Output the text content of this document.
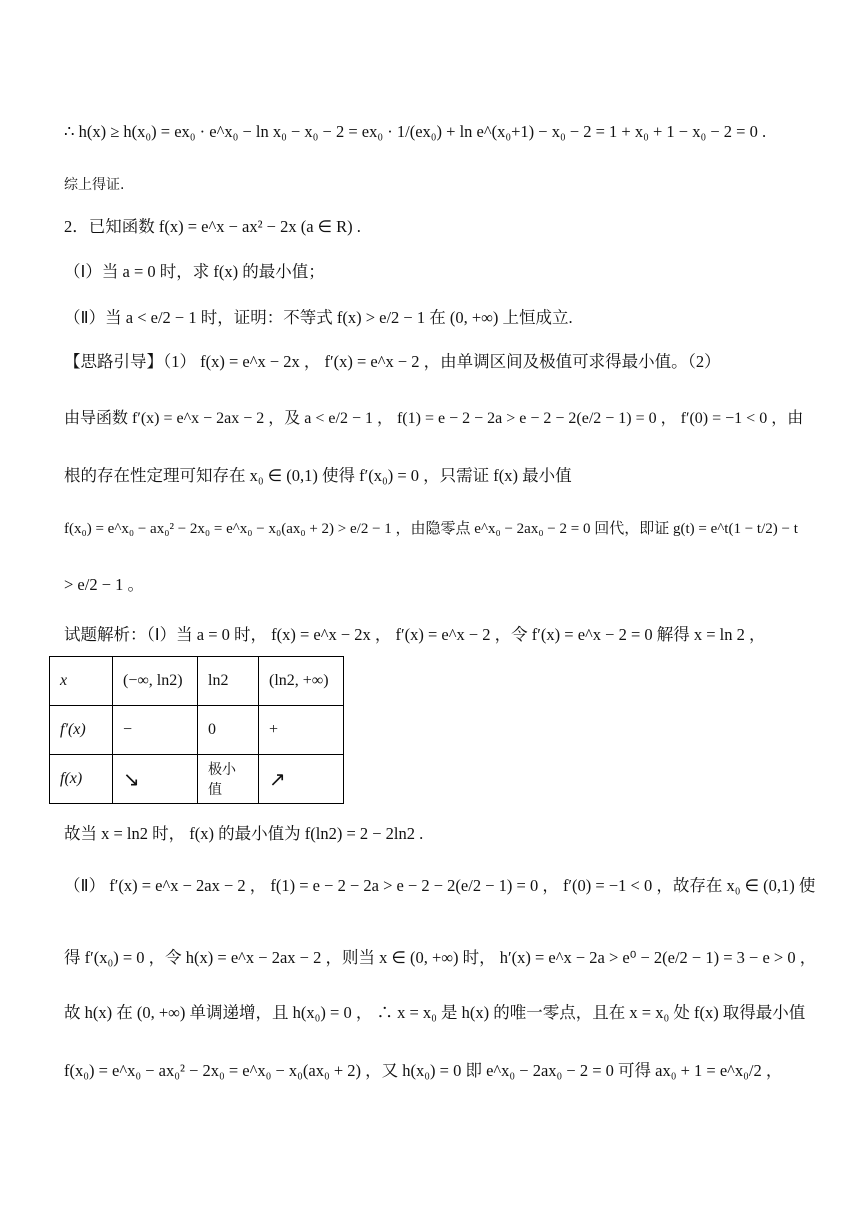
∴ h(x) ≥ h(x₀) = ex₀ · e^x₀ − ln x₀ − x₀ − 2 = ex₀ · 1/(ex₀) + ln e^(x₀+1) − x₀ − 2 = 1 + x₀ + 1 − x₀ − 2 = 0 .
综上得证.
2．已知函数 f(x) = e^x − ax² − 2x (a ∈ R) .
（Ⅰ）当 a = 0 时，求 f(x) 的最小值；
（Ⅱ）当 a < e/2 − 1 时，证明：不等式 f(x) > e/2 − 1 在 (0, +∞) 上恒成立.
【思路引导】（1） f(x) = e^x − 2x ， f′(x) = e^x − 2 ，由单调区间及极值可求得最小值。（2）
由导函数 f′(x) = e^x − 2ax − 2 ，及 a < e/2 − 1 ， f(1) = e − 2 − 2a > e − 2 − 2(e/2 − 1) = 0 ， f′(0) = −1 < 0 ，由
根的存在性定理可知存在 x₀ ∈ (0,1) 使得 f′(x₀) = 0 ，只需证 f(x) 最小值
f(x₀) = e^x₀ − ax₀² − 2x₀ = e^x₀ − x₀(ax₀ + 2) > e/2 − 1 ，由隐零点 e^x₀ − 2ax₀ − 2 = 0 回代，即证 g(t) = e^t(1 − t/2) − t
> e/2 − 1 。
试题解析：（Ⅰ）当 a = 0 时， f(x) = e^x − 2x ， f′(x) = e^x − 2 ，令 f′(x) = e^x − 2 = 0 解得 x = ln 2 ，
x	(−∞, ln2)	ln2	(ln2, +∞)
f′(x)	−	0	+
f(x)	↘	极小值	↗
故当 x = ln2 时， f(x) 的最小值为 f(ln2) = 2 − 2ln2 .
（Ⅱ） f′(x) = e^x − 2ax − 2 ， f(1) = e − 2 − 2a > e − 2 − 2(e/2 − 1) = 0 ， f′(0) = −1 < 0 ，故存在 x₀ ∈ (0,1) 使
得 f′(x₀) = 0 ，令 h(x) = e^x − 2ax − 2 ，则当 x ∈ (0, +∞) 时， h′(x) = e^x − 2a > e⁰ − 2(e/2 − 1) = 3 − e > 0 ，
故 h(x) 在 (0, +∞) 单调递增，且 h(x₀) = 0 ， ∴ x = x₀ 是 h(x) 的唯一零点，且在 x = x₀ 处 f(x) 取得最小值
f(x₀) = e^x₀ − ax₀² − 2x₀ = e^x₀ − x₀(ax₀ + 2) ，又 h(x₀) = 0 即 e^x₀ − 2ax₀ − 2 = 0 可得 ax₀ + 1 = e^x₀/2 ，
